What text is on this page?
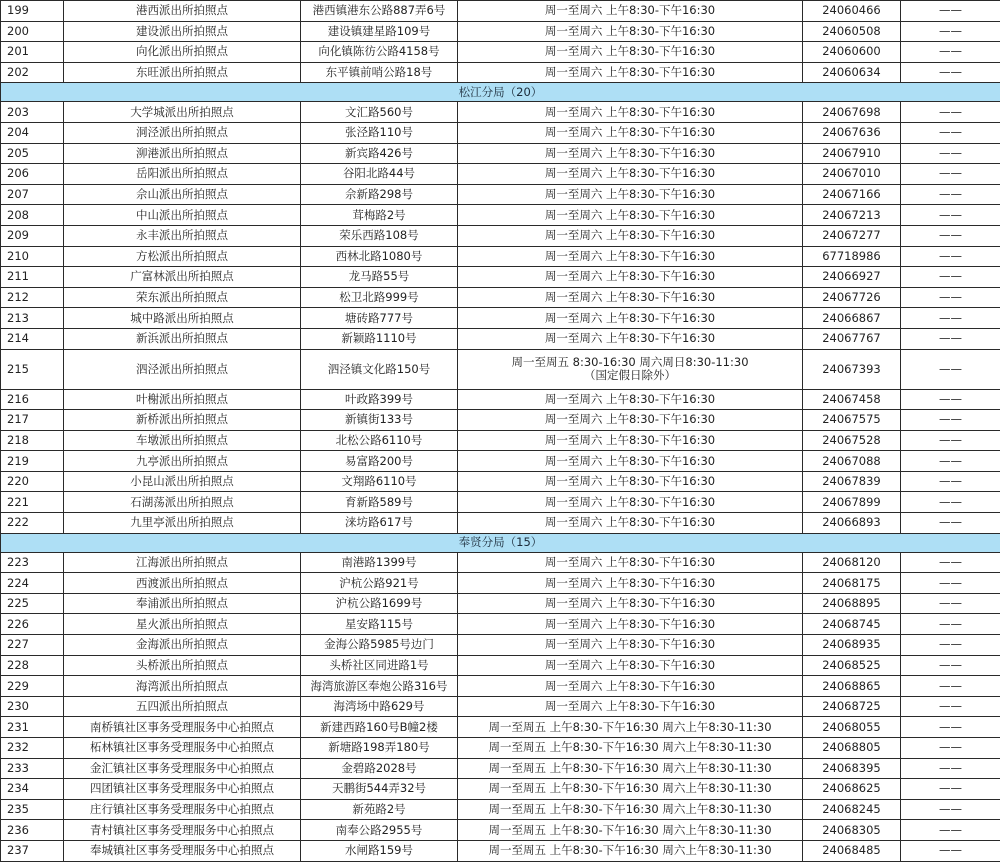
199	港西派出所拍照点	港西镇港东公路887弄6号	周一至周六 上午8:30-下午16:30	24060466	——
200	建设派出所拍照点	建设镇建星路109号	周一至周六 上午8:30-下午16:30	24060508	——
201	向化派出所拍照点	向化镇陈彷公路4158号	周一至周六 上午8:30-下午16:30	24060600	——
202	东旺派出所拍照点	东平镇前哨公路18号	周一至周六 上午8:30-下午16:30	24060634	——
松江分局（20）					
203	大学城派出所拍照点	文汇路560号	周一至周六 上午8:30-下午16:30	24067698	——
204	洞泾派出所拍照点	张泾路110号	周一至周六 上午8:30-下午16:30	24067636	——
205	泖港派出所拍照点	新宾路426号	周一至周六 上午8:30-下午16:30	24067910	——
206	岳阳派出所拍照点	谷阳北路44号	周一至周六 上午8:30-下午16:30	24067010	——
207	佘山派出所拍照点	佘新路298号	周一至周六 上午8:30-下午16:30	24067166	——
208	中山派出所拍照点	茸梅路2号	周一至周六 上午8:30-下午16:30	24067213	——
209	永丰派出所拍照点	荣乐西路108号	周一至周六 上午8:30-下午16:30	24067277	——
210	方松派出所拍照点	西林北路1080号	周一至周六 上午8:30-下午16:30	67718986	——
211	广富林派出所拍照点	龙马路55号	周一至周六 上午8:30-下午16:30	24066927	——
212	荣东派出所拍照点	松卫北路999号	周一至周六 上午8:30-下午16:30	24067726	——
213	城中路派出所拍照点	塘砖路777号	周一至周六 上午8:30-下午16:30	24066867	——
214	新浜派出所拍照点	新颖路1110号	周一至周六 上午8:30-下午16:30	24067767	——
215	泗泾派出所拍照点	泗泾镇文化路150号	周一至周五 8:30-16:30 周六周日8:30-11:30
（国定假日除外）	24067393	——
216	叶榭派出所拍照点	叶政路399号	周一至周六 上午8:30-下午16:30	24067458	——
217	新桥派出所拍照点	新镇街133号	周一至周六 上午8:30-下午16:30	24067575	——
218	车墩派出所拍照点	北松公路6110号	周一至周六 上午8:30-下午16:30	24067528	——
219	九亭派出所拍照点	易富路200号	周一至周六 上午8:30-下午16:30	24067088	——
220	小昆山派出所拍照点	文翔路6110号	周一至周六 上午8:30-下午16:30	24067839	——
221	石湖荡派出所拍照点	育新路589号	周一至周六 上午8:30-下午16:30	24067899	——
222	九里亭派出所拍照点	涞坊路617号	周一至周六 上午8:30-下午16:30	24066893	——
奉贤分局（15）					
223	江海派出所拍照点	南港路1399号	周一至周六 上午8:30-下午16:30	24068120	——
224	西渡派出所拍照点	沪杭公路921号	周一至周六 上午8:30-下午16:30	24068175	——
225	奉浦派出所拍照点	沪杭公路1699号	周一至周六 上午8:30-下午16:30	24068895	——
226	星火派出所拍照点	星安路115号	周一至周六 上午8:30-下午16:30	24068745	——
227	金海派出所拍照点	金海公路5985号边门	周一至周六 上午8:30-下午16:30	24068935	——
228	头桥派出所拍照点	头桥社区同进路1号	周一至周六 上午8:30-下午16:30	24068525	——
229	海湾派出所拍照点	海湾旅游区奉炮公路316号	周一至周六 上午8:30-下午16:30	24068865	——
230	五四派出所拍照点	海湾场中路629号	周一至周六 上午8:30-下午16:30	24068725	——
231	南桥镇社区事务受理服务中心拍照点	新建西路160号B幢2楼	周一至周五 上午8:30-下午16:30 周六上午8:30-11:30	24068055	——
232	柘林镇社区事务受理服务中心拍照点	新塘路198弄180号	周一至周五 上午8:30-下午16:30 周六上午8:30-11:30	24068805	——
233	金汇镇社区事务受理服务中心拍照点	金碧路2028号	周一至周五 上午8:30-下午16:30 周六上午8:30-11:30	24068395	——
234	四团镇社区事务受理服务中心拍照点	天鹏街544弄32号	周一至周五 上午8:30-下午16:30 周六上午8:30-11:30	24068625	——
235	庄行镇社区事务受理服务中心拍照点	新苑路2号	周一至周五 上午8:30-下午16:30 周六上午8:30-11:30	24068245	——
236	青村镇社区事务受理服务中心拍照点	南奉公路2955号	周一至周五 上午8:30-下午16:30 周六上午8:30-11:30	24068305	——
237	奉城镇社区事务受理服务中心拍照点	水闸路159号	周一至周五 上午8:30-下午16:30 周六上午8:30-11:30	24068485	——
